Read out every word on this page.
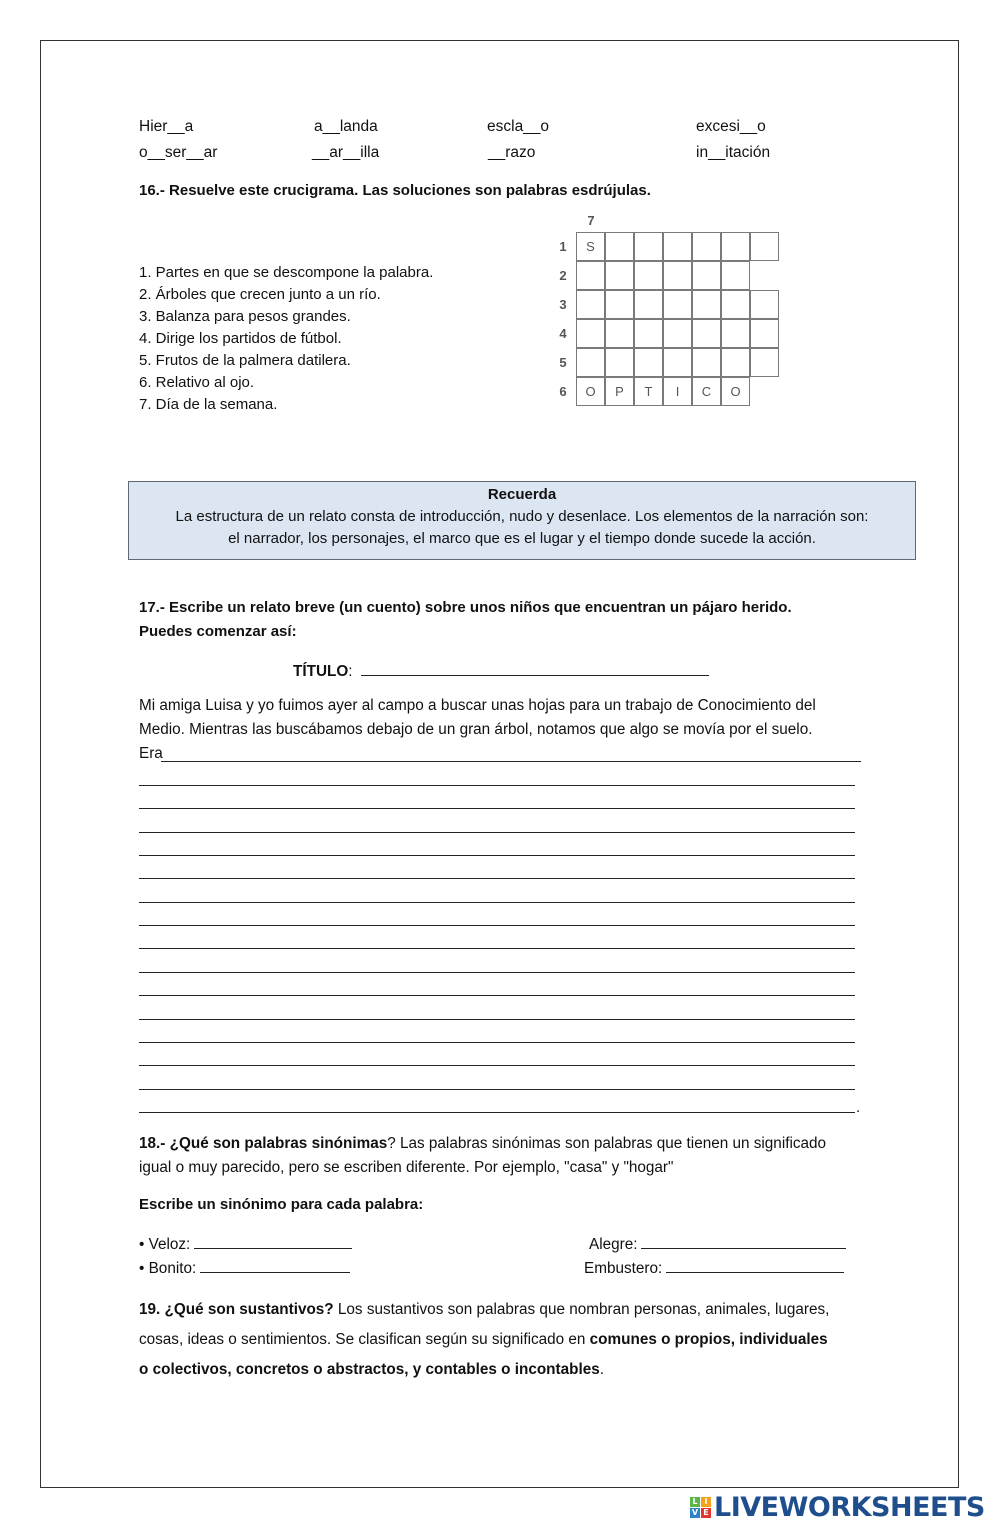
Hier__a	a__landa	escla__o	excesi__o
o__ser__ar	__ar__illa	__razo	in__itación
16.- Resuelve este crucigrama. Las soluciones son palabras esdrújulas.
1. Partes en que se descompone la palabra.
2. Árboles que crecen junto a un río.
3. Balanza para pesos grandes.
4. Dirige los partidos de fútbol.
5. Frutos de la palmera datilera.
6. Relativo al ojo.
7. Día de la semana.
7
1	S
2
3
4
5
6	O	P	T	I	C	O
Recuerda
La estructura de un relato consta de introducción, nudo y desenlace. Los elementos de la narración son:
el narrador, los personajes, el marco que es el lugar y el tiempo donde sucede la acción.
17.- Escribe un relato breve (un cuento) sobre unos niños que encuentran un pájaro herido.
Puedes comenzar así:
TÍTULO:
Mi amiga Luisa y yo fuimos ayer al campo a buscar unas hojas para un trabajo de Conocimiento del
Medio. Mientras las buscábamos debajo de un gran árbol, notamos que algo se movía por el suelo.
Era
.
18.- ¿Qué son palabras sinónimas? Las palabras sinónimas son palabras que tienen un significado
igual o muy parecido, pero se escriben diferente. Por ejemplo, "casa" y "hogar"
Escribe un sinónimo para cada palabra:
• Veloz:
• Bonito:
Alegre:
Embustero:
19. ¿Qué son sustantivos? Los sustantivos son palabras que nombran personas, animales, lugares,
cosas, ideas o sentimientos. Se clasifican según su significado en comunes o propios, individuales
o colectivos, concretos o abstractos, y contables o incontables.
L I
V E LIVEWORKSHEETS
